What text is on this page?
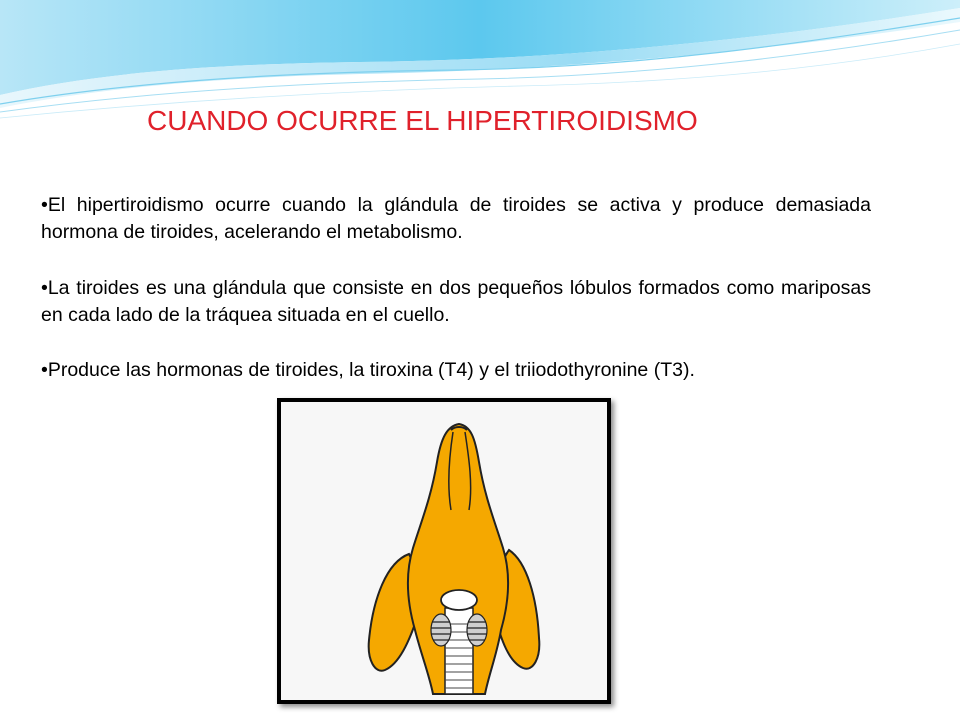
CUANDO OCURRE EL HIPERTIROIDISMO
•El hipertiroidismo ocurre cuando la glándula de tiroides se activa y produce demasiada hormona de tiroides, acelerando el metabolismo.
•La tiroides es una glándula que consiste en dos pequeños lóbulos formados como mariposas en cada lado de la tráquea situada en el cuello.
•Produce las hormonas de tiroides, la tiroxina (T4) y el triiodothyronine (T3).
